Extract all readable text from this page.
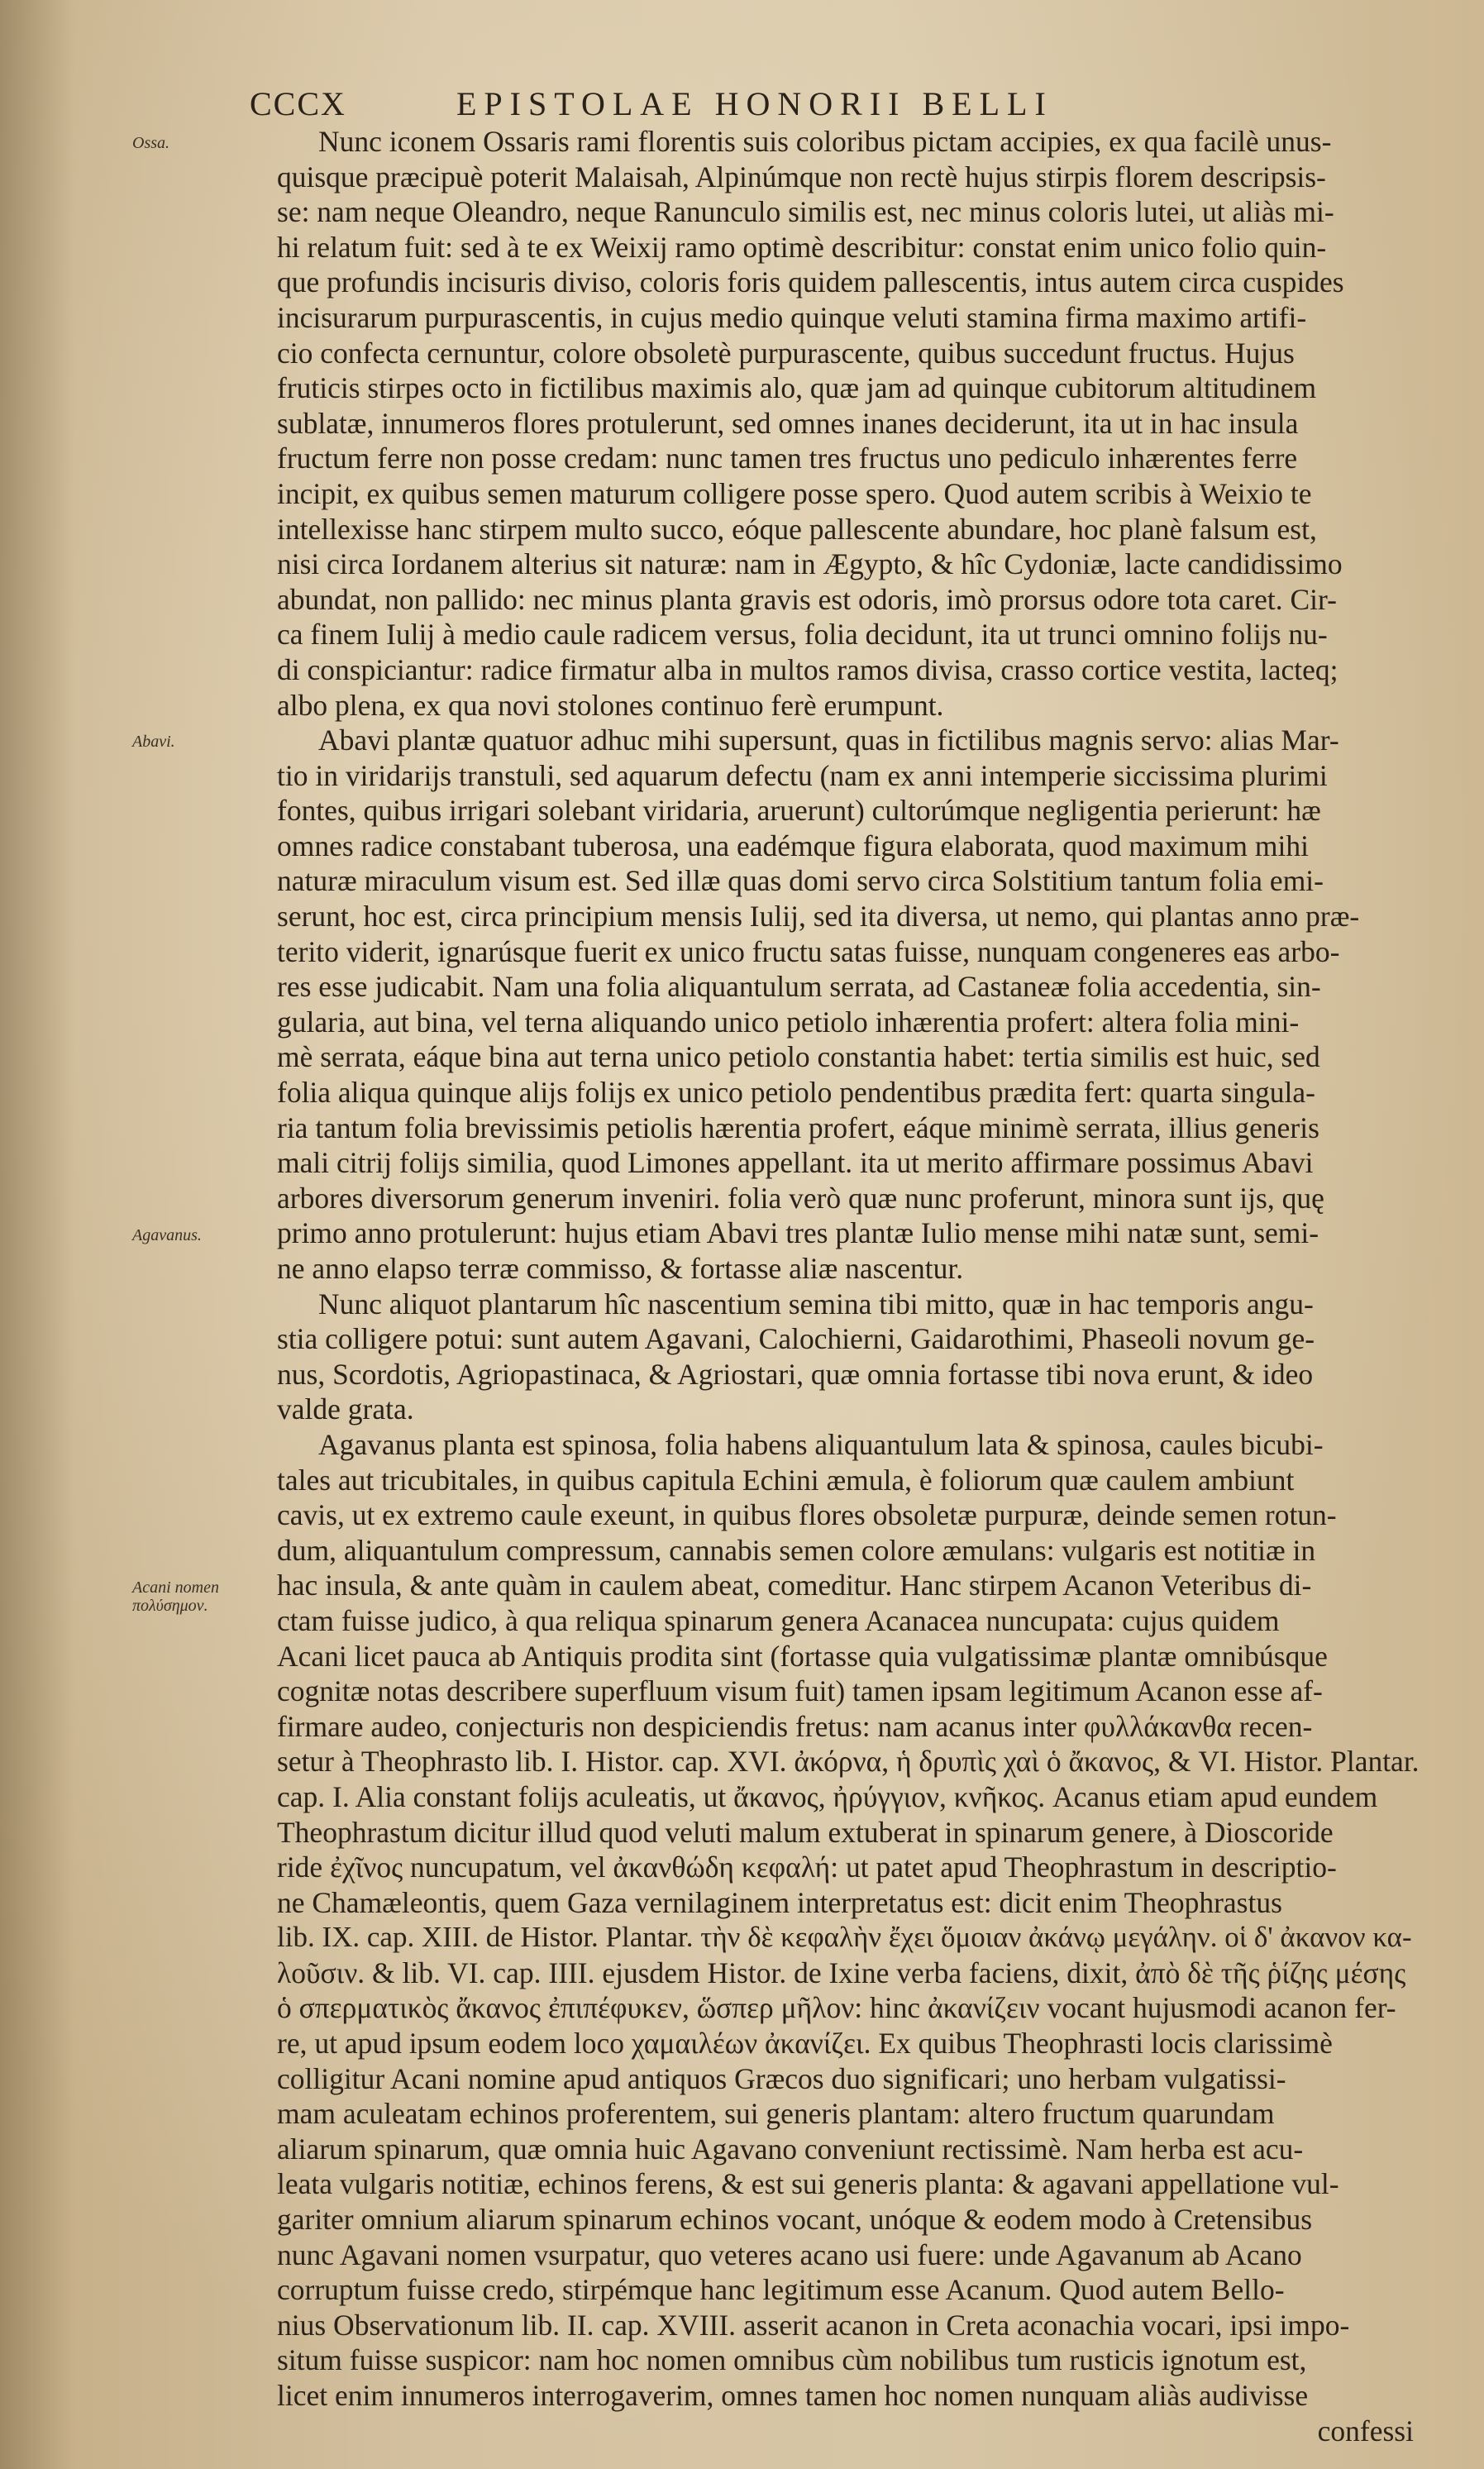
CCCX	EPISTOLAE HONORII BELLI
Ossa.
Abavi.
Agavanus.
Acani nomen πολύσημον.
Nunc iconem Ossaris rami florentis suis coloribus pictam accipies, ex qua facilè unus-
quisque præcipuè poterit Malaisah, Alpinúmque non rectè hujus stirpis florem descripsis-
se: nam neque Oleandro, neque Ranunculo similis est, nec minus coloris lutei, ut aliàs mi-
hi relatum fuit: sed à te ex Weixij ramo optimè describitur: constat enim unico folio quin-
que profundis incisuris diviso, coloris foris quidem pallescentis, intus autem circa cuspides
incisurarum purpurascentis, in cujus medio quinque veluti stamina firma maximo artifi-
cio confecta cernuntur, colore obsoletè purpurascente, quibus succedunt fructus. Hujus
fruticis stirpes octo in fictilibus maximis alo, quæ jam ad quinque cubitorum altitudinem
sublatæ, innumeros flores protulerunt, sed omnes inanes deciderunt, ita ut in hac insula
fructum ferre non posse credam: nunc tamen tres fructus uno pediculo inhærentes ferre
incipit, ex quibus semen maturum colligere posse spero. Quod autem scribis à Weixio te
intellexisse hanc stirpem multo succo, eóque pallescente abundare, hoc planè falsum est,
nisi circa Iordanem alterius sit naturæ: nam in Ægypto, & hîc Cydoniæ, lacte candidissimo
abundat, non pallido: nec minus planta gravis est odoris, imò prorsus odore tota caret. Cir-
ca finem Iulij à medio caule radicem versus, folia decidunt, ita ut trunci omnino folijs nu-
di conspiciantur: radice firmatur alba in multos ramos divisa, crasso cortice vestita, lacteq;
albo plena, ex qua novi stolones continuo ferè erumpunt.
Abavi plantæ quatuor adhuc mihi supersunt, quas in fictilibus magnis servo: alias Mar-
tio in viridarijs transtuli, sed aquarum defectu (nam ex anni intemperie siccissima plurimi
fontes, quibus irrigari solebant viridaria, aruerunt) cultorúmque negligentia perierunt: hæ
omnes radice constabant tuberosa, una eadémque figura elaborata, quod maximum mihi
naturæ miraculum visum est. Sed illæ quas domi servo circa Solstitium tantum folia emi-
serunt, hoc est, circa principium mensis Iulij, sed ita diversa, ut nemo, qui plantas anno præ-
terito viderit, ignarúsque fuerit ex unico fructu satas fuisse, nunquam congeneres eas arbo-
res esse judicabit. Nam una folia aliquantulum serrata, ad Castaneæ folia accedentia, sin-
gularia, aut bina, vel terna aliquando unico petiolo inhærentia profert: altera folia mini-
mè serrata, eáque bina aut terna unico petiolo constantia habet: tertia similis est huic, sed
folia aliqua quinque alijs folijs ex unico petiolo pendentibus prædita fert: quarta singula-
ria tantum folia brevissimis petiolis hærentia profert, eáque minimè serrata, illius generis
mali citrij folijs similia, quod Limones appellant. ita ut merito affirmare possimus Abavi
arbores diversorum generum inveniri. folia verò quæ nunc proferunt, minora sunt ijs, quę
primo anno protulerunt: hujus etiam Abavi tres plantæ Iulio mense mihi natæ sunt, semi-
ne anno elapso terræ commisso, & fortasse aliæ nascentur.
Nunc aliquot plantarum hîc nascentium semina tibi mitto, quæ in hac temporis angu-
stia colligere potui: sunt autem Agavani, Calochierni, Gaidarothimi, Phaseoli novum ge-
nus, Scordotis, Agriopastinaca, & Agriostari, quæ omnia fortasse tibi nova erunt, & ideo
valde grata.
Agavanus planta est spinosa, folia habens aliquantulum lata & spinosa, caules bicubi-
tales aut tricubitales, in quibus capitula Echini æmula, è foliorum quæ caulem ambiunt
cavis, ut ex extremo caule exeunt, in quibus flores obsoletæ purpuræ, deinde semen rotun-
dum, aliquantulum compressum, cannabis semen colore æmulans: vulgaris est notitiæ in
hac insula, & ante quàm in caulem abeat, comeditur. Hanc stirpem Acanon Veteribus di-
ctam fuisse judico, à qua reliqua spinarum genera Acanacea nuncupata: cujus quidem
Acani licet pauca ab Antiquis prodita sint (fortasse quia vulgatissimæ plantæ omnibúsque
cognitæ notas describere superfluum visum fuit) tamen ipsam legitimum Acanon esse af-
firmare audeo, conjecturis non despiciendis fretus: nam acanus inter φυλλάκανθα recen-
setur à Theophrasto lib. I. Histor. cap. XVI. ἀκόρνα, ἡ δρυπὶς χαὶ ὁ ἄκανος, & VI. Histor. Plantar.
cap. I. Alia constant folijs aculeatis, ut ἄκανος, ἠρύγγιον, κνῆκος. Acanus etiam apud eundem
Theophrastum dicitur illud quod veluti malum extuberat in spinarum genere, à Dioscoride
ride ἐχῖνος nuncupatum, vel ἀκανθώδη κεφαλή: ut patet apud Theophrastum in descriptio-
ne Chamæleontis, quem Gaza vernilaginem interpretatus est: dicit enim Theophrastus
lib. IX. cap. XIII. de Histor. Plantar. τὴν δὲ κεφαλὴν ἔχει ὅμοιαν ἀκάνῳ μεγάλην. οἱ δ' ἀκανον κα-
λοῦσιν. & lib. VI. cap. IIII. ejusdem Histor. de Ixine verba faciens, dixit, ἀπὸ δὲ τῆς ῥίζης μέσης
ὁ σπερματικὸς ἄκανος ἐπιπέφυκεν, ὥσπερ μῆλον: hinc ἀκανίζειν vocant hujusmodi acanon fer-
re, ut apud ipsum eodem loco χαμαιλέων ἀκανίζει. Ex quibus Theophrasti locis clarissimè
colligitur Acani nomine apud antiquos Græcos duo significari; uno herbam vulgatissi-
mam aculeatam echinos proferentem, sui generis plantam: altero fructum quarundam
aliarum spinarum, quæ omnia huic Agavano conveniunt rectissimè. Nam herba est acu-
leata vulgaris notitiæ, echinos ferens, & est sui generis planta: & agavani appellatione vul-
gariter omnium aliarum spinarum echinos vocant, unóque & eodem modo à Cretensibus
nunc Agavani nomen vsurpatur, quo veteres acano usi fuere: unde Agavanum ab Acano
corruptum fuisse credo, stirpémque hanc legitimum esse Acanum. Quod autem Bello-
nius Observationum lib. II. cap. XVIII. asserit acanon in Creta aconachia vocari, ipsi impo-
situm fuisse suspicor: nam hoc nomen omnibus cùm nobilibus tum rusticis ignotum est,
licet enim innumeros interrogaverim, omnes tamen hoc nomen nunquam aliàs audivisse
confessi
